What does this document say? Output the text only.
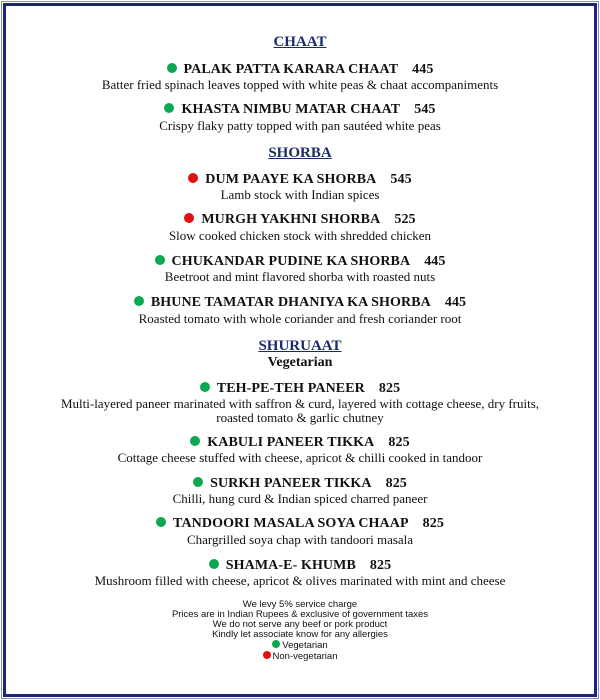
CHAAT
PALAK PATTA KARARA CHAAT 445
Batter fried spinach leaves topped with white peas & chaat accompaniments
KHASTA NIMBU MATAR CHAAT 545
Crispy flaky patty topped with pan sautéed white peas
SHORBA
DUM PAAYE KA SHORBA 545
Lamb stock with Indian spices
MURGH YAKHNI SHORBA 525
Slow cooked chicken stock with shredded chicken
CHUKANDAR PUDINE KA SHORBA 445
Beetroot and mint flavored shorba with roasted nuts
BHUNE TAMATAR DHANIYA KA SHORBA 445
Roasted tomato with whole coriander and fresh coriander root
SHURUAAT
Vegetarian
TEH-PE-TEH PANEER 825
Multi-layered paneer marinated with saffron & curd, layered with cottage cheese, dry fruits,
roasted tomato & garlic chutney
KABULI PANEER TIKKA 825
Cottage cheese stuffed with cheese, apricot & chilli cooked in tandoor
SURKH PANEER TIKKA 825
Chilli, hung curd & Indian spiced charred paneer
TANDOORI MASALA SOYA CHAAP 825
Chargrilled soya chap with tandoori masala
SHAMA-E- KHUMB 825
Mushroom filled with cheese, apricot & olives marinated with mint and cheese
We levy 5% service charge
Prices are in Indian Rupees & exclusive of government taxes
We do not serve any beef or pork product
Kindly let associate know for any allergies
Vegetarian
Non-vegetarian
